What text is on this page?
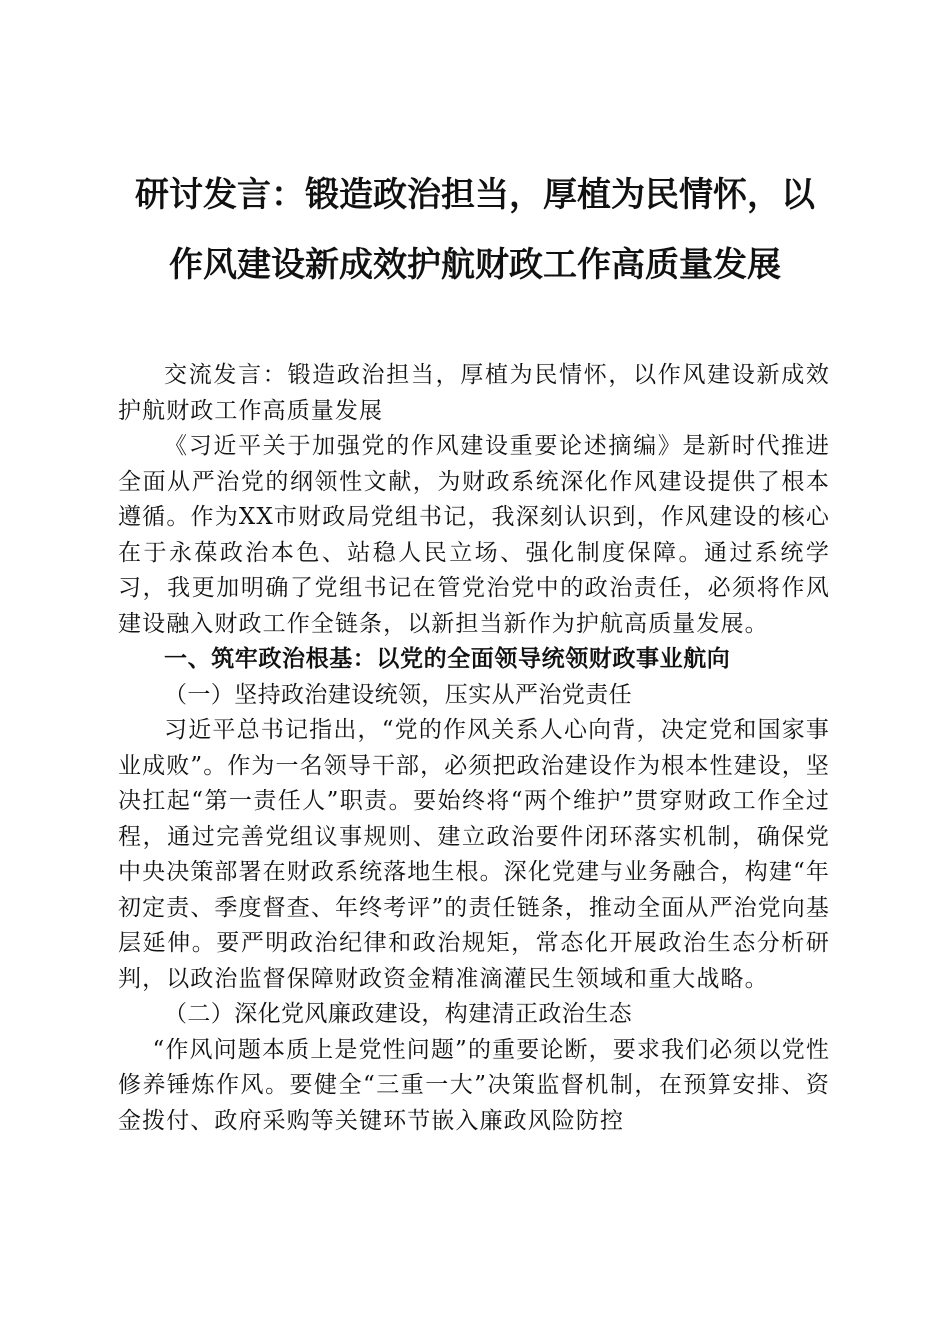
研讨发言：锻造政治担当，厚植为民情怀，以
作风建设新成效护航财政工作高质量发展

交流发言：锻造政治担当，厚植为民情怀，以作风建设新成效护航财政工作高质量发展

《习近平关于加强党的作风建设重要论述摘编》是新时代推进全面从严治党的纲领性文献，为财政系统深化作风建设提供了根本遵循。作为XX市财政局党组书记，我深刻认识到，作风建设的核心在于永葆政治本色、站稳人民立场、强化制度保障。通过系统学习，我更加明确了党组书记在管党治党中的政治责任，必须将作风建设融入财政工作全链条，以新担当新作为护航高质量发展。

一、筑牢政治根基：以党的全面领导统领财政事业航向

（一）坚持政治建设统领，压实从严治党责任

习近平总书记指出，“党的作风关系人心向背，决定党和国家事业成败”。作为一名领导干部，必须把政治建设作为根本性建设，坚决扛起“第一责任人”职责。要始终将“两个维护”贯穿财政工作全过程，通过完善党组议事规则、建立政治要件闭环落实机制，确保党中央决策部署在财政系统落地生根。深化党建与业务融合，构建“年初定责、季度督查、年终考评”的责任链条，推动全面从严治党向基层延伸。要严明政治纪律和政治规矩，常态化开展政治生态分析研判，以政治监督保障财政资金精准滴灌民生领域和重大战略。

（二）深化党风廉政建设，构建清正政治生态

“作风问题本质上是党性问题”的重要论断，要求我们必须以党性修养锤炼作风。要健全“三重一大”决策监督机制，在预算安排、资金拨付、政府采购等关键环节嵌入廉政风险防控
